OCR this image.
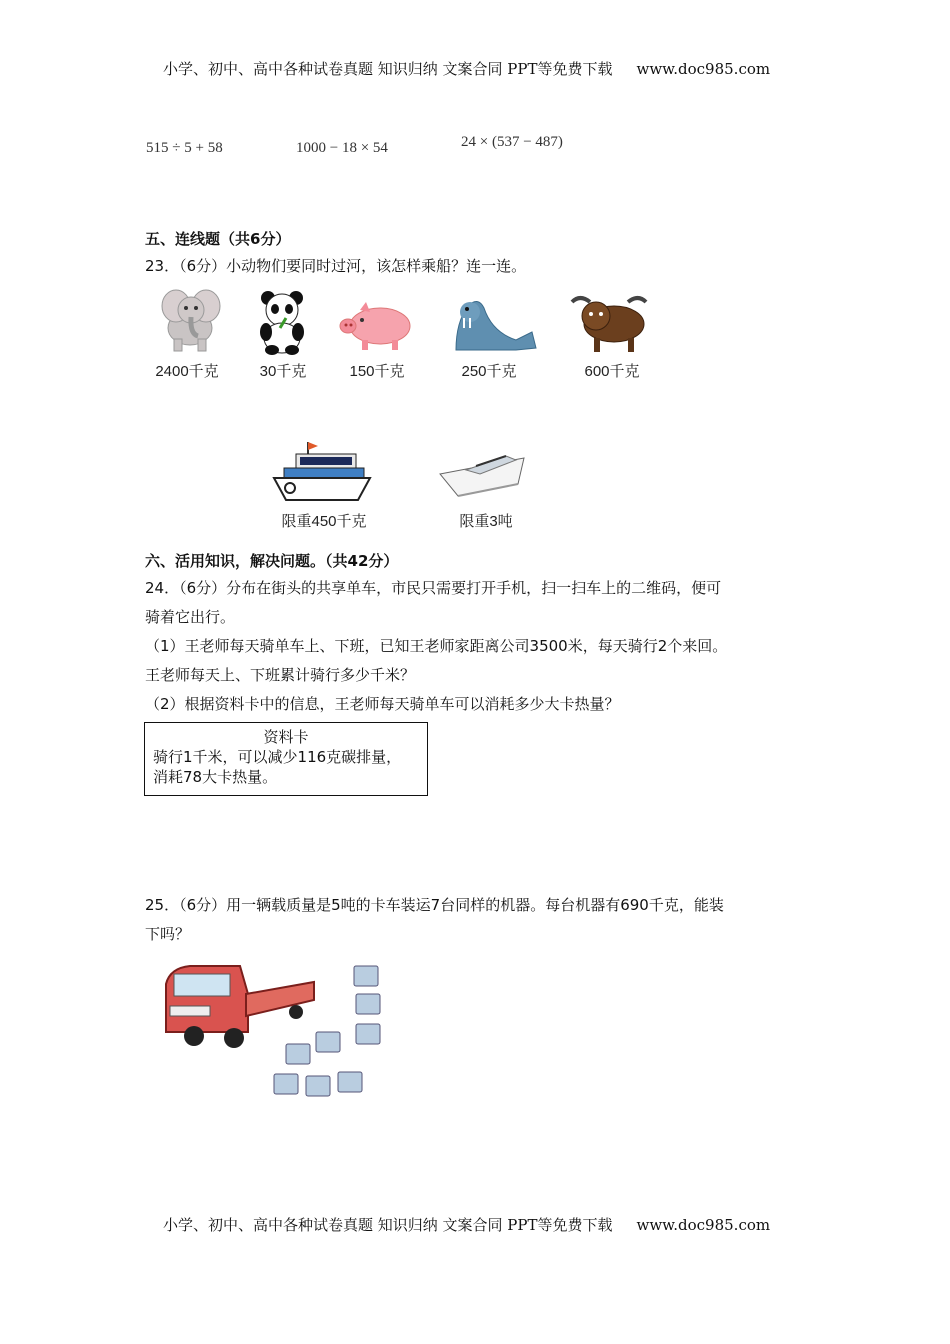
小学、初中、高中各种试卷真题 知识归纳 文案合同 PPT等免费下载 www.doc985.com
515 ÷ 5 + 58	1000 − 18 × 54	24 × (537 − 487)
五、连线题（共6分）
23．（6分）小动物们要同时过河，该怎样乘船？连一连。
2400千克	30千克	150千克	250千克	600千克
限重450千克	限重3吨
六、活用知识，解决问题。（共42分）
24．（6分）分布在街头的共享单车，市民只需要打开手机，扫一扫车上的二维码，便可
骑着它出行。
（1）王老师每天骑单车上、下班，已知王老师家距离公司3500米，每天骑行2个来回。
王老师每天上、下班累计骑行多少千米？
（2）根据资料卡中的信息，王老师每天骑单车可以消耗多少大卡热量？
资料卡
骑行1千米，可以减少116克碳排量，
消耗78大卡热量。
25．（6分）用一辆载质量是5吨的卡车装运7台同样的机器。每台机器有690千克，能装
下吗？
小学、初中、高中各种试卷真题 知识归纳 文案合同 PPT等免费下载 www.doc985.com
